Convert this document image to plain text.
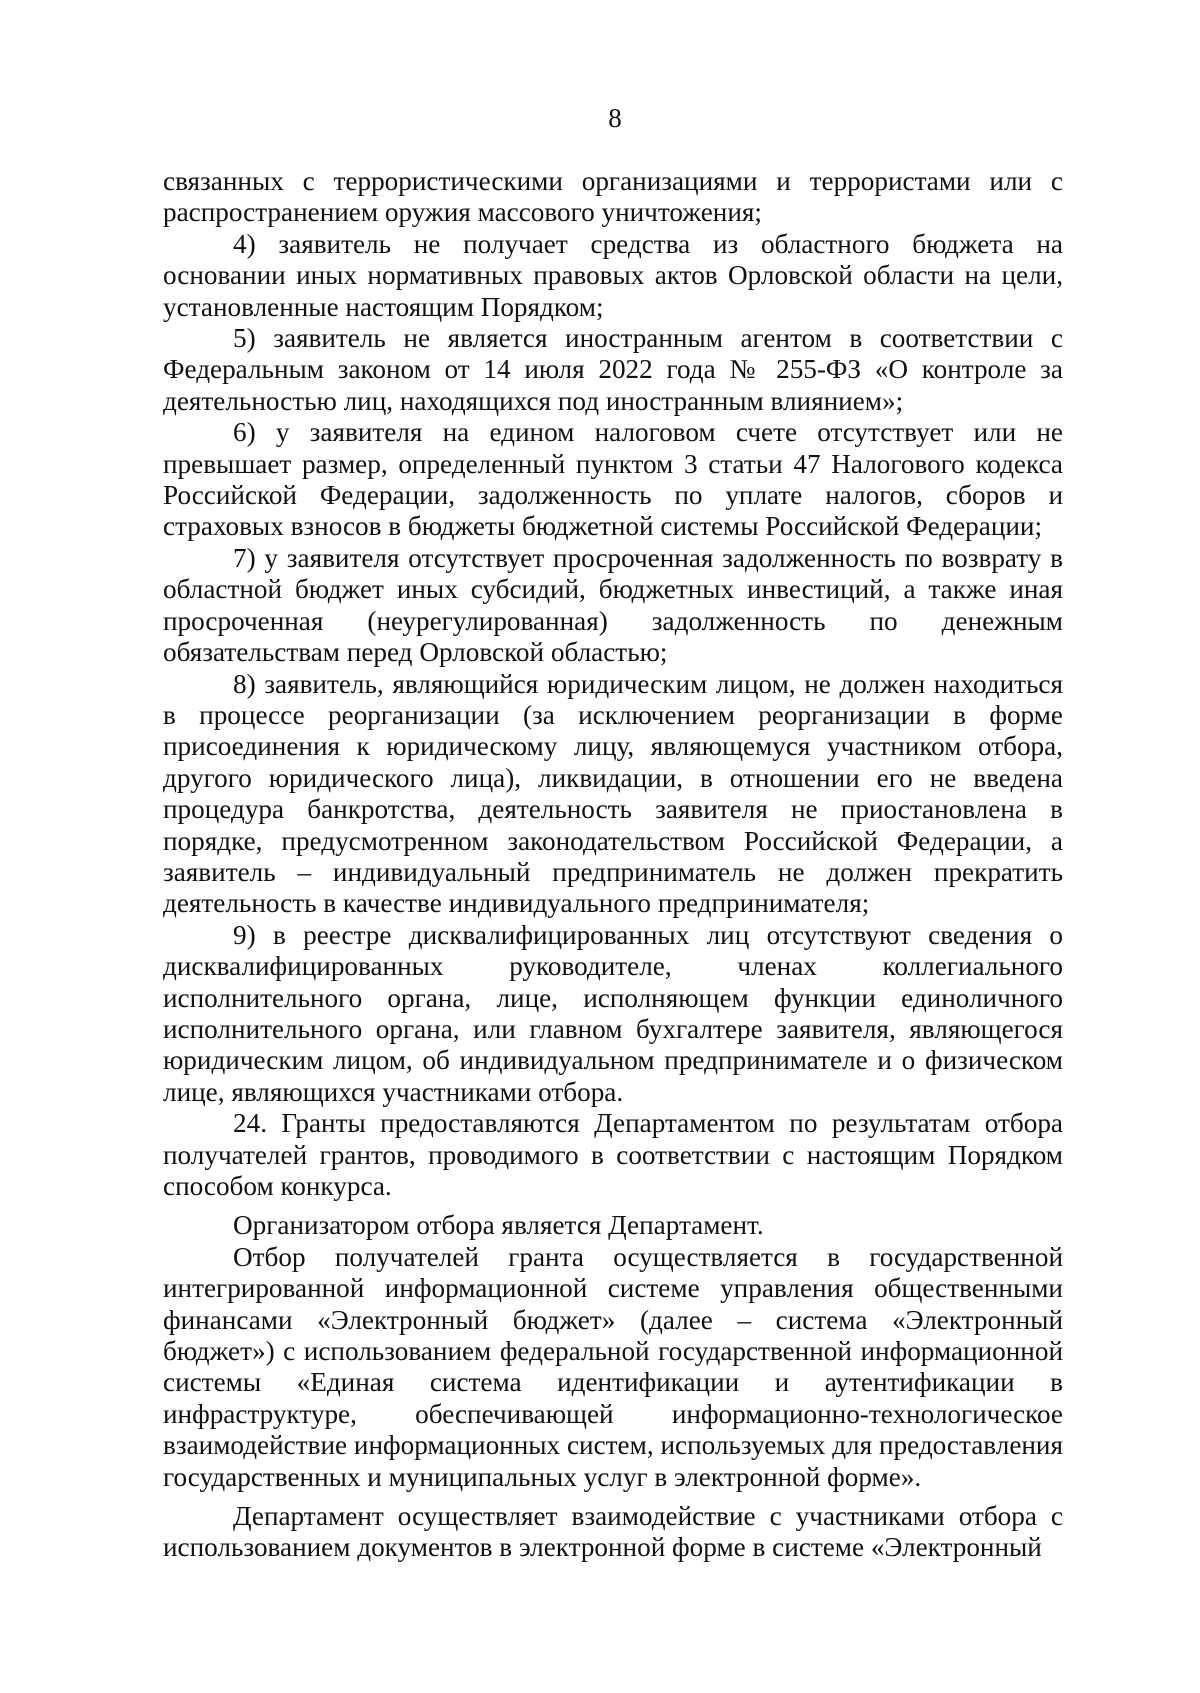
8

связанных с террористическими организациями и террористами или с распространением оружия массового уничтожения;

4) заявитель не получает средства из областного бюджета на основании иных нормативных правовых актов Орловской области на цели, установленные настоящим Порядком;

5) заявитель не является иностранным агентом в соответствии с Федеральным законом от 14 июля 2022 года № 255-ФЗ «О контроле за деятельностью лиц, находящихся под иностранным влиянием»;

6) у заявителя на едином налоговом счете отсутствует или не превышает размер, определенный пунктом 3 статьи 47 Налогового кодекса Российской Федерации, задолженность по уплате налогов, сборов и страховых взносов в бюджеты бюджетной системы Российской Федерации;

7) у заявителя отсутствует просроченная задолженность по возврату в областной бюджет иных субсидий, бюджетных инвестиций, а также иная просроченная (неурегулированная) задолженность по денежным обязательствам перед Орловской областью;

8) заявитель, являющийся юридическим лицом, не должен находиться в процессе реорганизации (за исключением реорганизации в форме присоединения к юридическому лицу, являющемуся участником отбора, другого юридического лица), ликвидации, в отношении его не введена процедура банкротства, деятельность заявителя не приостановлена в порядке, предусмотренном законодательством Российской Федерации, а заявитель – индивидуальный предприниматель не должен прекратить деятельность в качестве индивидуального предпринимателя;

9) в реестре дисквалифицированных лиц отсутствуют сведения о дисквалифицированных руководителе, членах коллегиального исполнительного органа, лице, исполняющем функции единоличного исполнительного органа, или главном бухгалтере заявителя, являющегося юридическим лицом, об индивидуальном предпринимателе и о физическом лице, являющихся участниками отбора.

24. Гранты предоставляются Департаментом по результатам отбора получателей грантов, проводимого в соответствии с настоящим Порядком способом конкурса.

Организатором отбора является Департамент.

Отбор получателей гранта осуществляется в государственной интегрированной информационной системе управления общественными финансами «Электронный бюджет» (далее – система «Электронный бюджет») с использованием федеральной государственной информационной системы «Единая система идентификации и аутентификации в инфраструктуре, обеспечивающей информационно-технологическое взаимодействие информационных систем, используемых для предоставления государственных и муниципальных услуг в электронной форме».

Департамент осуществляет взаимодействие с участниками отбора с использованием документов в электронной форме в системе «Электронный
